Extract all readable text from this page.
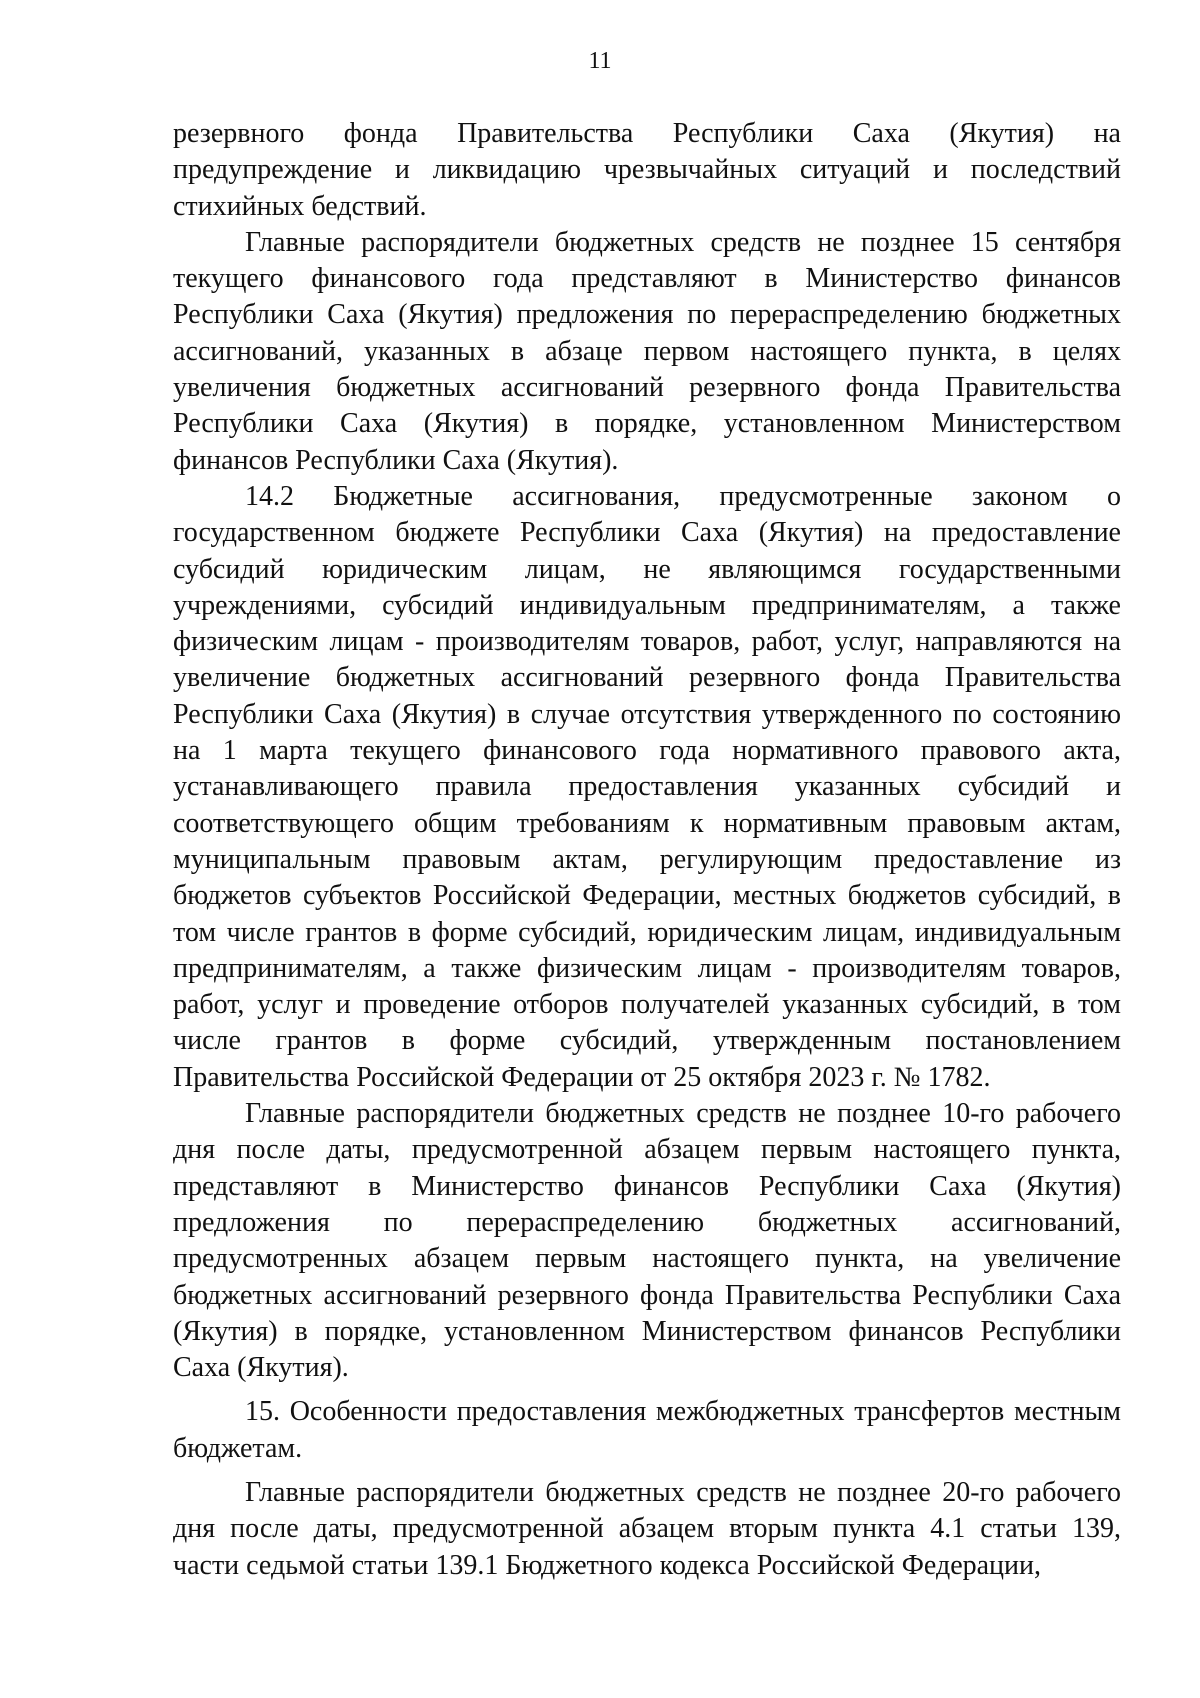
11

резервного фонда Правительства Республики Саха (Якутия) на предупреждение и ликвидацию чрезвычайных ситуаций и последствий стихийных бедствий.

Главные распорядители бюджетных средств не позднее 15 сентября текущего финансового года представляют в Министерство финансов Республики Саха (Якутия) предложения по перераспределению бюджетных ассигнований, указанных в абзаце первом настоящего пункта, в целях увеличения бюджетных ассигнований резервного фонда Правительства Республики Саха (Якутия) в порядке, установленном Министерством финансов Республики Саха (Якутия).

14.2 Бюджетные ассигнования, предусмотренные законом о государственном бюджете Республики Саха (Якутия) на предоставление субсидий юридическим лицам, не являющимся государственными учреждениями, субсидий индивидуальным предпринимателям, а также физическим лицам - производителям товаров, работ, услуг, направляются на увеличение бюджетных ассигнований резервного фонда Правительства Республики Саха (Якутия) в случае отсутствия утвержденного по состоянию на 1 марта текущего финансового года нормативного правового акта, устанавливающего правила предоставления указанных субсидий и соответствующего общим требованиям к нормативным правовым актам, муниципальным правовым актам, регулирующим предоставление из бюджетов субъектов Российской Федерации, местных бюджетов субсидий, в том числе грантов в форме субсидий, юридическим лицам, индивидуальным предпринимателям, а также физическим лицам - производителям товаров, работ, услуг и проведение отборов получателей указанных субсидий, в том числе грантов в форме субсидий, утвержденным постановлением Правительства Российской Федерации от 25 октября 2023 г. № 1782.

Главные распорядители бюджетных средств не позднее 10-го рабочего дня после даты, предусмотренной абзацем первым настоящего пункта, представляют в Министерство финансов Республики Саха (Якутия) предложения по перераспределению бюджетных ассигнований, предусмотренных абзацем первым настоящего пункта, на увеличение бюджетных ассигнований резервного фонда Правительства Республики Саха (Якутия) в порядке, установленном Министерством финансов Республики Саха (Якутия).

15. Особенности предоставления межбюджетных трансфертов местным бюджетам.

Главные распорядители бюджетных средств не позднее 20-го рабочего дня после даты, предусмотренной абзацем вторым пункта 4.1 статьи 139, части седьмой статьи 139.1 Бюджетного кодекса Российской Федерации,
